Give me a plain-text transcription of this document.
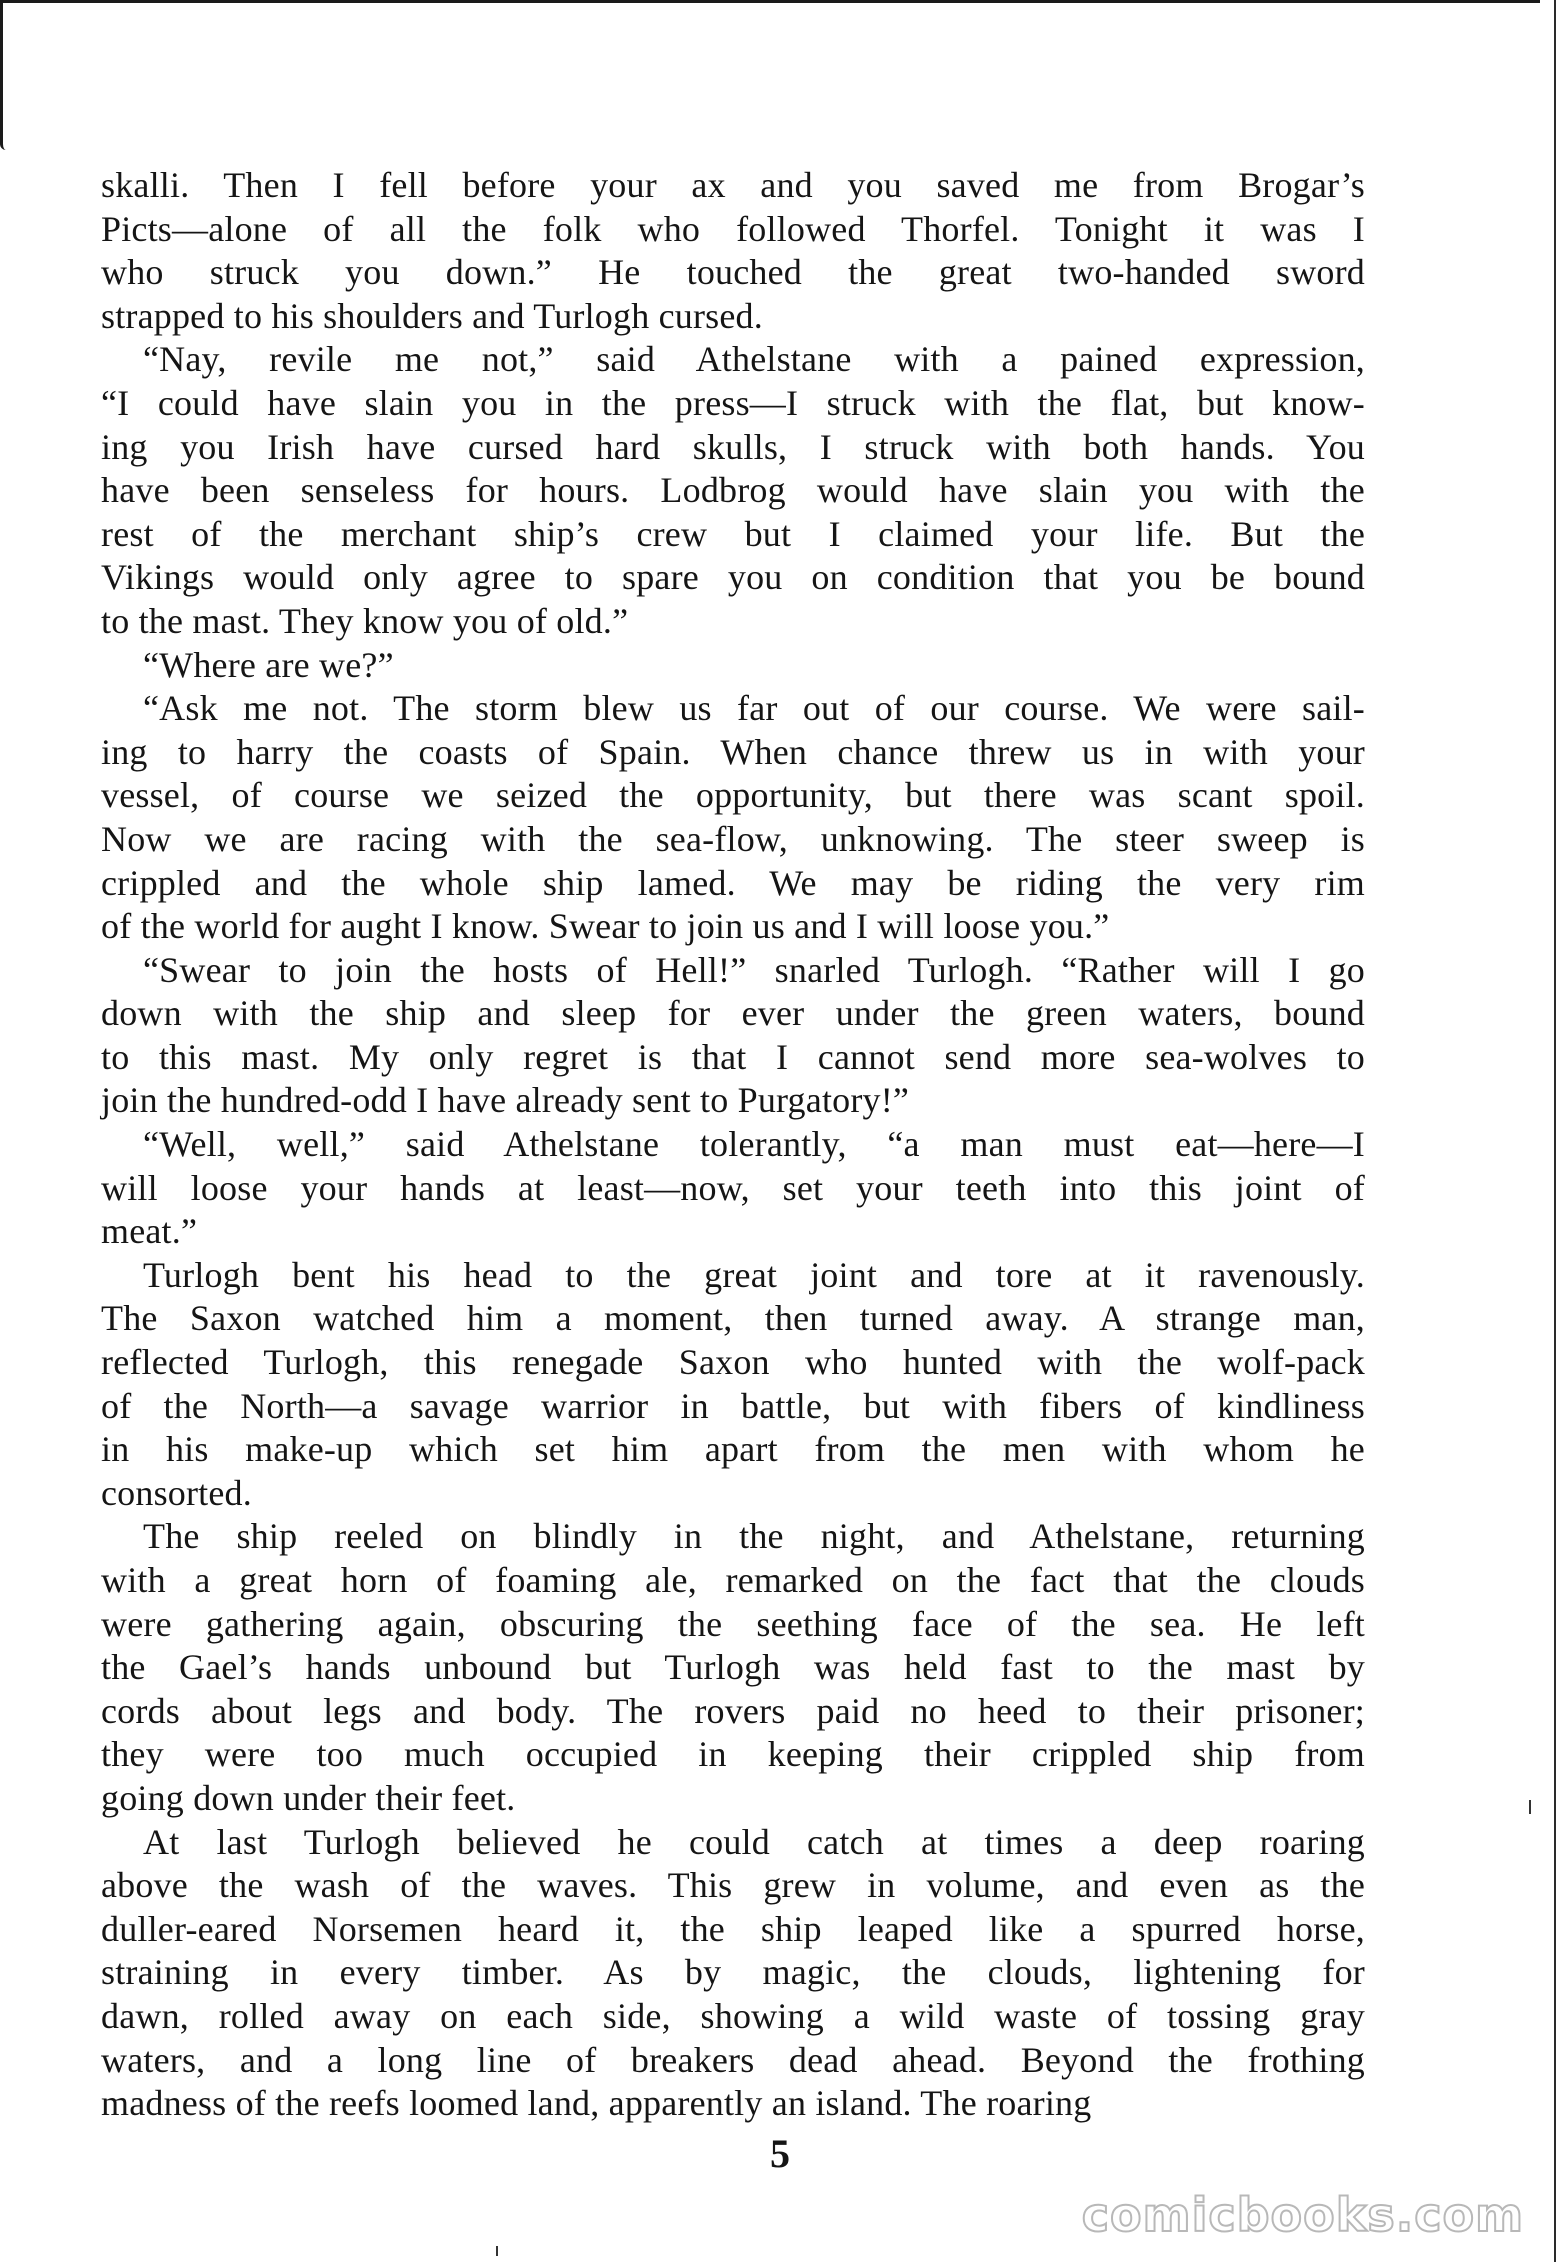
skalli. Then I fell before your ax and you saved me from Brogar’s
Picts—alone of all the folk who followed Thorfel. Tonight it was I
who struck you down.” He touched the great two-handed sword
strapped to his shoulders and Turlogh cursed.

“Nay, revile me not,” said Athelstane with a pained expression,
“I could have slain you in the press—I struck with the flat, but know-
ing you Irish have cursed hard skulls, I struck with both hands. You
have been senseless for hours. Lodbrog would have slain you with the
rest of the merchant ship’s crew but I claimed your life. But the
Vikings would only agree to spare you on condition that you be bound
to the mast. They know you of old.”

“Where are we?”

“Ask me not. The storm blew us far out of our course. We were sail-
ing to harry the coasts of Spain. When chance threw us in with your
vessel, of course we seized the opportunity, but there was scant spoil.
Now we are racing with the sea-flow, unknowing. The steer sweep is
crippled and the whole ship lamed. We may be riding the very rim
of the world for aught I know. Swear to join us and I will loose you.”

“Swear to join the hosts of Hell!” snarled Turlogh. “Rather will I go
down with the ship and sleep for ever under the green waters, bound
to this mast. My only regret is that I cannot send more sea-wolves to
join the hundred-odd I have already sent to Purgatory!”

“Well, well,” said Athelstane tolerantly, “a man must eat—here—I
will loose your hands at least—now, set your teeth into this joint of
meat.”

Turlogh bent his head to the great joint and tore at it ravenously.
The Saxon watched him a moment, then turned away. A strange man,
reflected Turlogh, this renegade Saxon who hunted with the wolf-pack
of the North—a savage warrior in battle, but with fibers of kindliness
in his make-up which set him apart from the men with whom he
consorted.

The ship reeled on blindly in the night, and Athelstane, returning
with a great horn of foaming ale, remarked on the fact that the clouds
were gathering again, obscuring the seething face of the sea. He left
the Gael’s hands unbound but Turlogh was held fast to the mast by
cords about legs and body. The rovers paid no heed to their prisoner;
they were too much occupied in keeping their crippled ship from
going down under their feet.

At last Turlogh believed he could catch at times a deep roaring
above the wash of the waves. This grew in volume, and even as the
duller-eared Norsemen heard it, the ship leaped like a spurred horse,
straining in every timber. As by magic, the clouds, lightening for
dawn, rolled away on each side, showing a wild waste of tossing gray
waters, and a long line of breakers dead ahead. Beyond the frothing
madness of the reefs loomed land, apparently an island. The roaring

5
comicbooks.com
